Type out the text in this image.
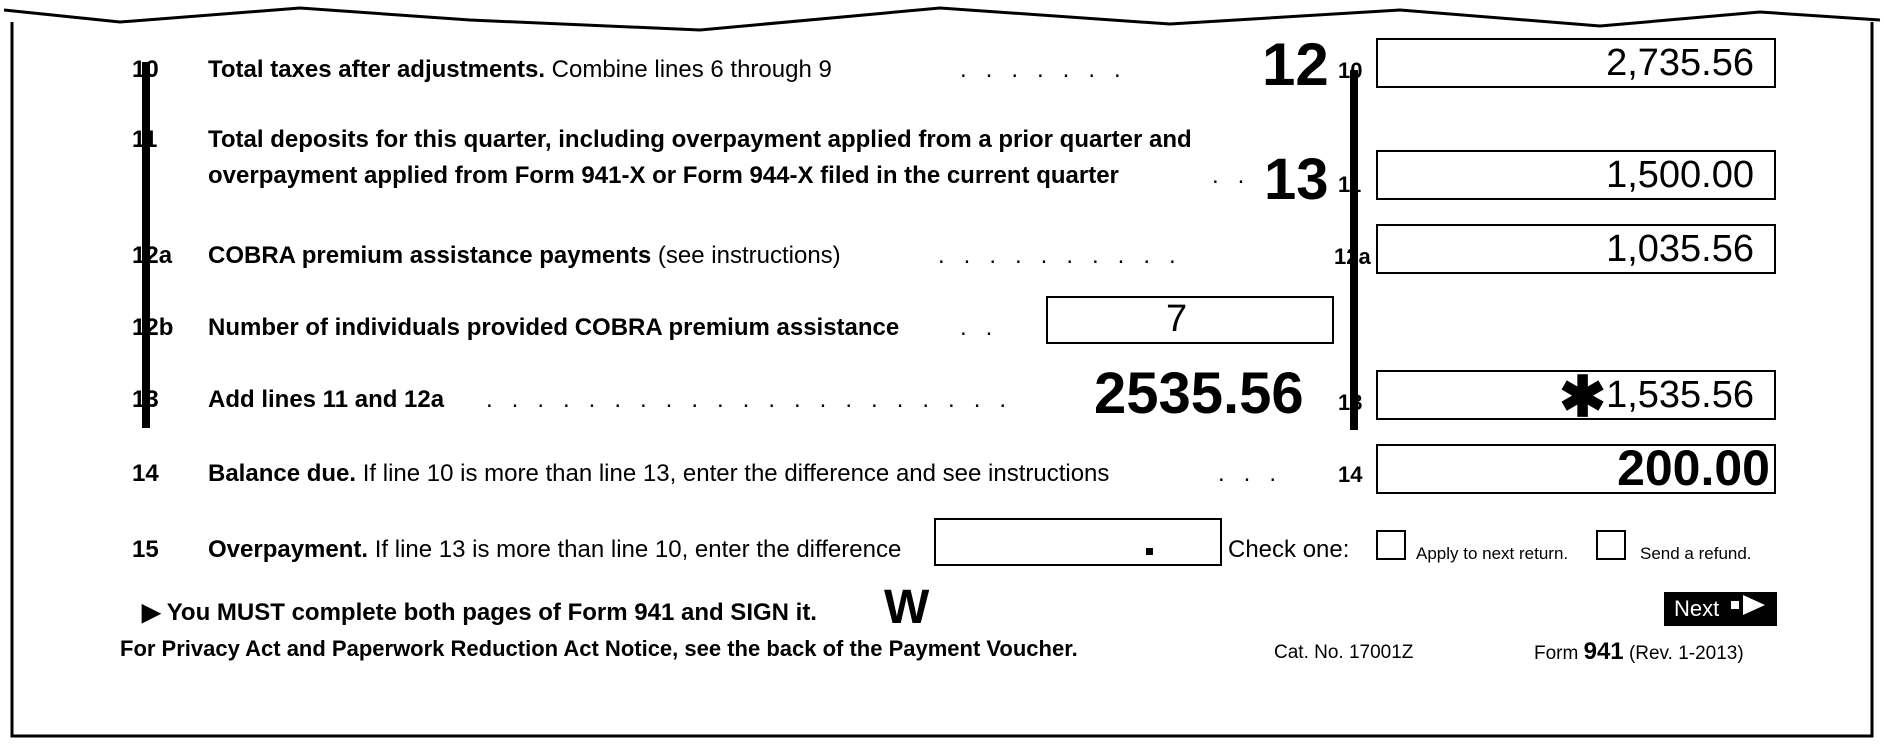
10 Total taxes after adjustments. Combine lines 6 through 9	....... 12 10	2,735.56
11 Total deposits for this quarter, including overpayment applied from a prior quarter and
overpayment applied from Form 941-X or Form 944-X filed in the current quarter	.. 13 11	1,500.00
12a COBRA premium assistance payments (see instructions)	..........	12a	1,035.56
12b Number of individuals provided COBRA premium assistance	..	7
13 Add lines 11 and 12a ..................... 2535.56 13	✱1,535.56
14 Balance due. If line 10 is more than line 13, enter the difference and see instructions	... 14	200.00
15 Overpayment. If line 13 is more than line 10, enter the difference	Check one:	Apply to next return.	Send a refund.
▶ You MUST complete both pages of Form 941 and SIGN it. W
For Privacy Act and Paperwork Reduction Act Notice, see the back of the Payment Voucher.	Cat. No. 17001Z	Form 941 (Rev. 1-2013)
Next
